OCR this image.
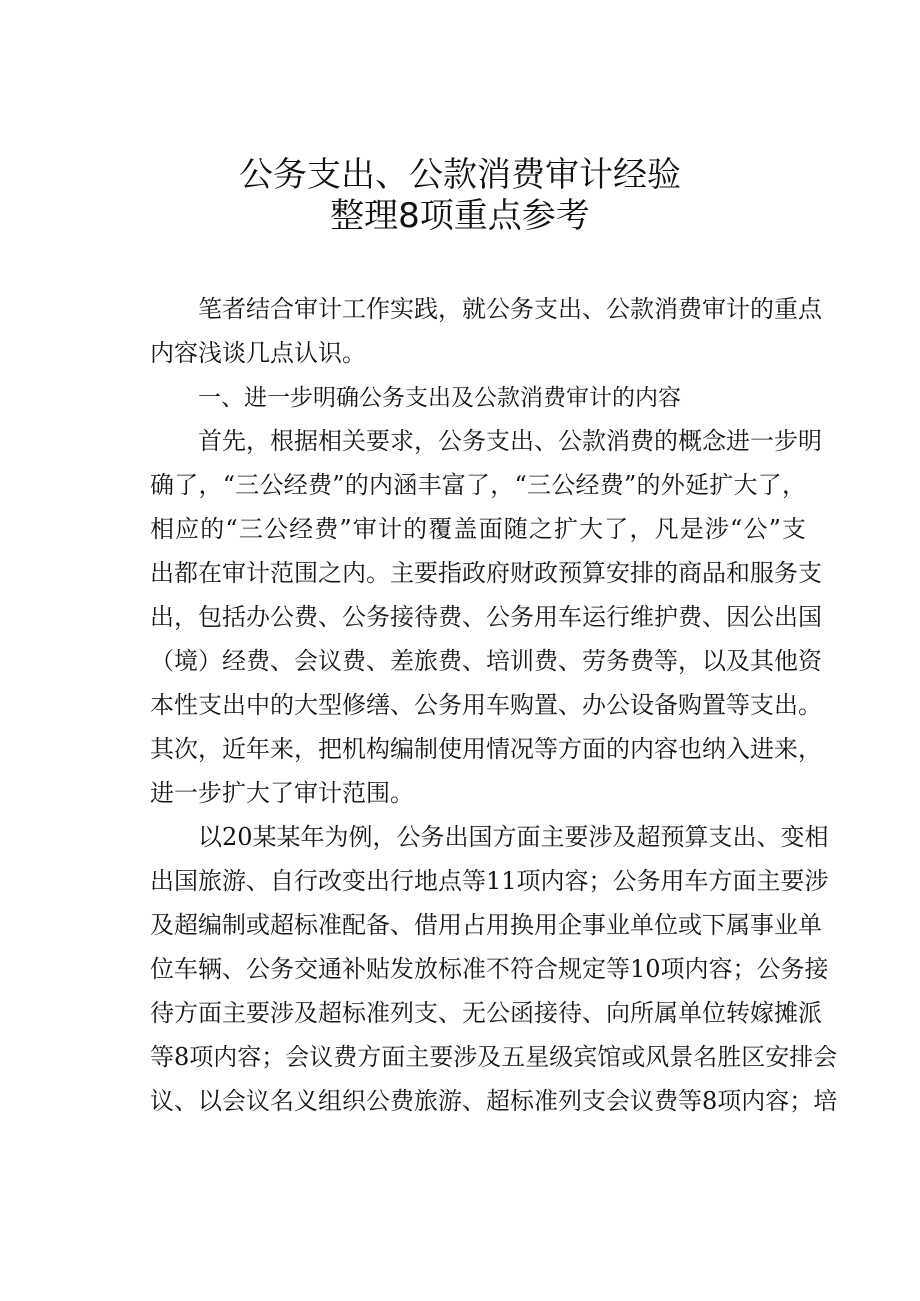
公务支出、公款消费审计经验
整理8项重点参考
笔者结合审计工作实践，就公务支出、公款消费审计的重点
内容浅谈几点认识。
一、进一步明确公务支出及公款消费审计的内容
首先，根据相关要求，公务支出、公款消费的概念进一步明
确了，“三公经费”的内涵丰富了，“三公经费”的外延扩大了，
相应的“三公经费”审计的覆盖面随之扩大了，凡是涉“公”支
出都在审计范围之内。主要指政府财政预算安排的商品和服务支
出，包括办公费、公务接待费、公务用车运行维护费、因公出国
（境）经费、会议费、差旅费、培训费、劳务费等，以及其他资
本性支出中的大型修缮、公务用车购置、办公设备购置等支出。
其次，近年来，把机构编制使用情况等方面的内容也纳入进来，
进一步扩大了审计范围。
以20某某年为例，公务出国方面主要涉及超预算支出、变相
出国旅游、自行改变出行地点等11项内容；公务用车方面主要涉
及超编制或超标准配备、借用占用换用企事业单位或下属事业单
位车辆、公务交通补贴发放标准不符合规定等10项内容；公务接
待方面主要涉及超标准列支、无公函接待、向所属单位转嫁摊派
等8项内容；会议费方面主要涉及五星级宾馆或风景名胜区安排会
议、以会议名义组织公费旅游、超标准列支会议费等8项内容；培
